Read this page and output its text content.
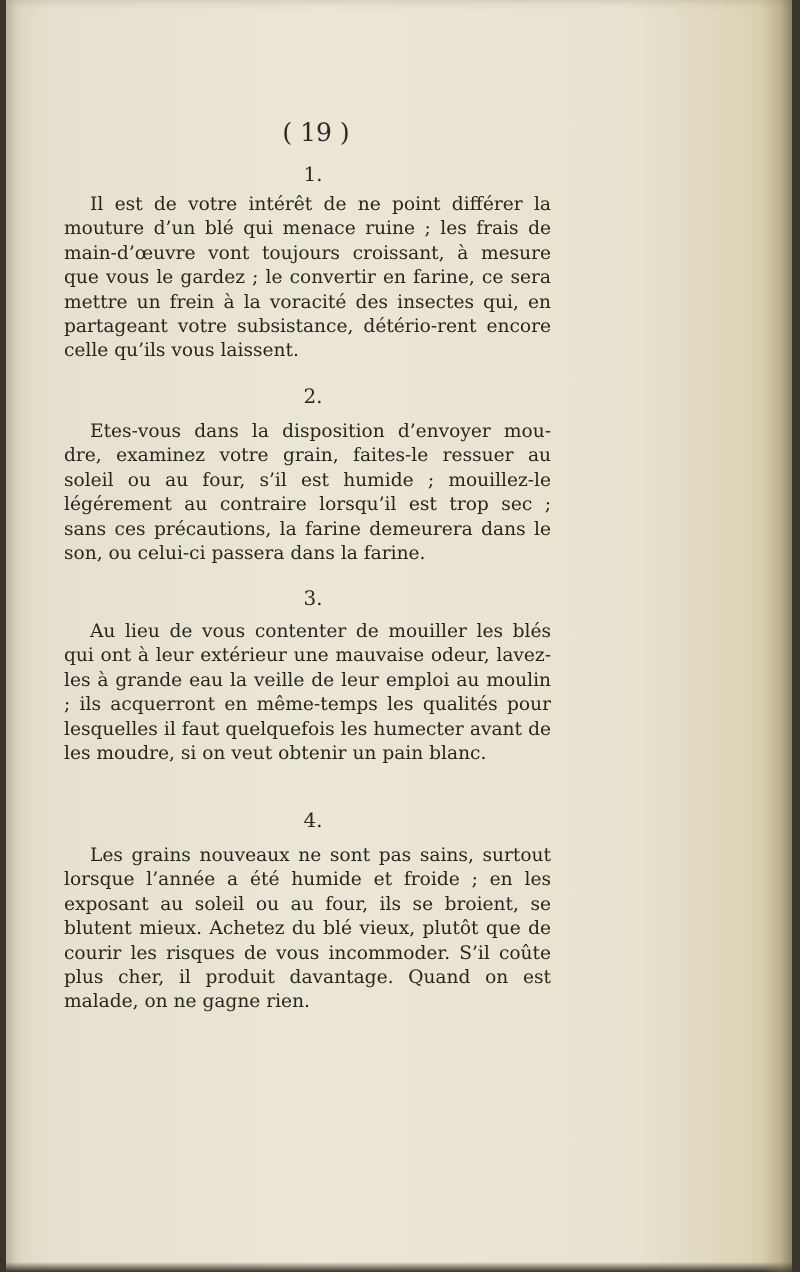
( 19 )
1.
Il est de votre intérêt de ne point différer la mouture d’un blé qui menace ruine ; les frais de main-d’œuvre vont toujours croissant, à mesure que vous le gardez ; le convertir en farine, ce sera mettre un frein à la voracité des insectes qui, en partageant votre subsistance, détério-rent encore celle qu’ils vous laissent.
2.
Etes-vous dans la disposition d’envoyer mou-dre, examinez votre grain, faites-le ressuer au soleil ou au four, s’il est humide ; mouillez-le légérement au contraire lorsqu’il est trop sec ; sans ces précautions, la farine demeurera dans le son, ou celui-ci passera dans la farine.
3.
Au lieu de vous contenter de mouiller les blés qui ont à leur extérieur une mauvaise odeur, lavez-les à grande eau la veille de leur emploi au moulin ; ils acquerront en même-temps les qualités pour lesquelles il faut quelquefois les humecter avant de les moudre, si on veut obtenir un pain blanc.
4.
Les grains nouveaux ne sont pas sains, surtout lorsque l’année a été humide et froide ; en les exposant au soleil ou au four, ils se broient, se blutent mieux. Achetez du blé vieux, plutôt que de courir les risques de vous incommoder. S’il coûte plus cher, il produit davantage. Quand on est malade, on ne gagne rien.
